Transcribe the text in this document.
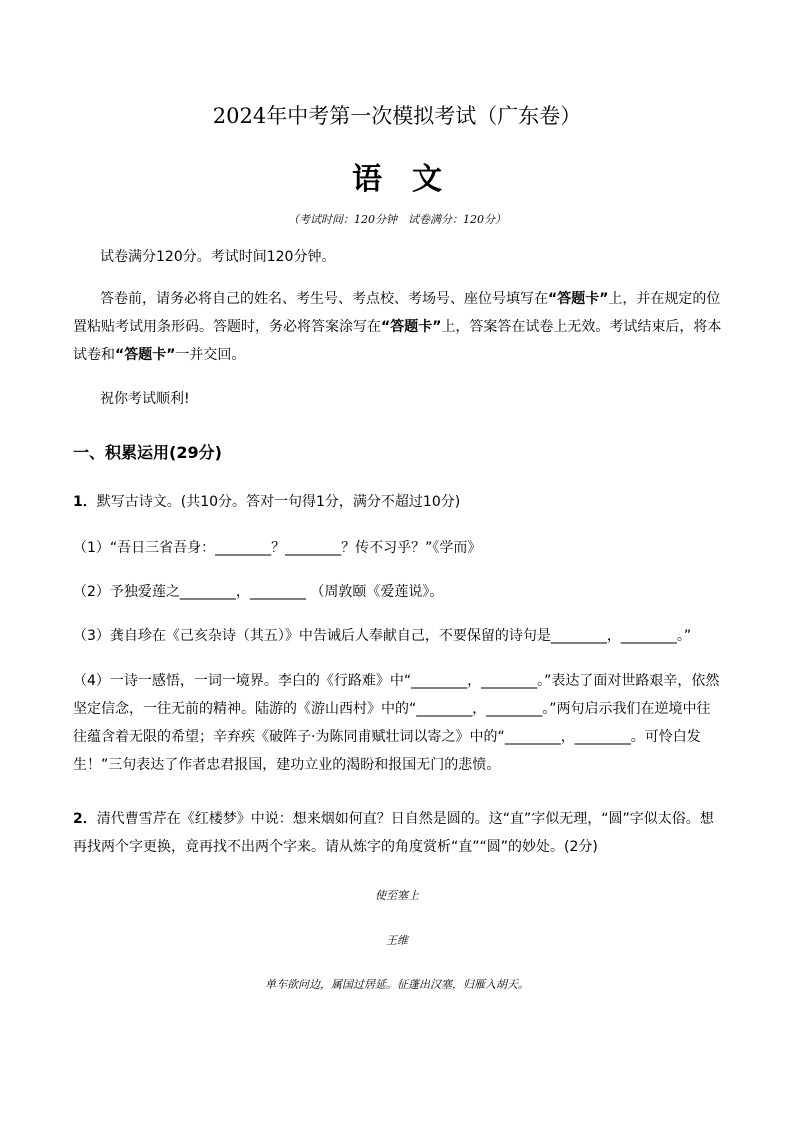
2024年中考第一次模拟考试（广东卷）
语文
（考试时间：120分钟　试卷满分：120分）
试卷满分120分。考试时间120分钟。
答卷前，请务必将自己的姓名、考生号、考点校、考场号、座位号填写在“答题卡”上，并在规定的位置粘贴考试用条形码。答题时，务必将答案涂写在“答题卡”上，答案答在试卷上无效。考试结束后，将本试卷和“答题卡”一并交回。
祝你考试顺利!
一、积累运用(29分)
1．默写古诗文。(共10分。答对一句得1分，满分不超过10分)
（1）“吾日三省吾身：________？________？传不习乎？”《学而》
（2）予独爱莲之________，________ （周敦颐《爱莲说》。
（3）龚自珍在《己亥杂诗（其五）》中告诫后人奉献自己，不要保留的诗句是________，________。”
（4）一诗一感悟，一词一境界。李白的《行路难》中“________，________。”表达了面对世路艰辛，依然坚定信念，一往无前的精神。陆游的《游山西村》中的“________，________。”两句启示我们在逆境中往往蕴含着无限的希望；辛弃疾《破阵子·为陈同甫赋壮词以寄之》中的“________，________。可怜白发生！”三句表达了作者忠君报国，建功立业的渴盼和报国无门的悲愤。
2．清代曹雪芹在《红楼梦》中说：想来烟如何直？日自然是圆的。这“直”字似无理，“圆”字似太俗。想再找两个字更换，竟再找不出两个字来。请从炼字的角度赏析“直”“圆”的妙处。(2分)
使至塞上
王维
单车欲问边，属国过居延。征蓬出汉塞，归雁入胡天。
